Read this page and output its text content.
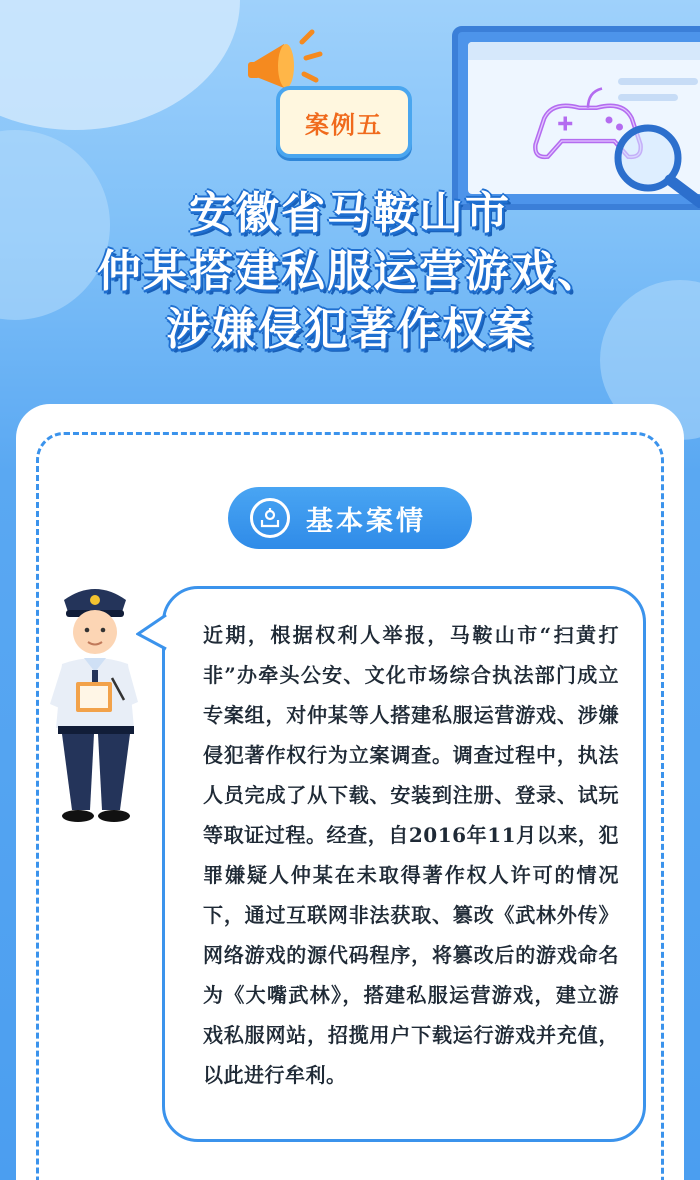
案例五
安徽省马鞍山市
仲某搭建私服运营游戏、
涉嫌侵犯著作权案
基本案情

近期，根据权利人举报，马鞍山市“扫黄打非”办牵头公安、文化市场综合执法部门成立专案组，对仲某等人搭建私服运营游戏、涉嫌侵犯著作权行为立案调查。调查过程中，执法人员完成了从下载、安装到注册、登录、试玩等取证过程。经查，自2016年11月以来，犯罪嫌疑人仲某在未取得著作权人许可的情况下，通过互联网非法获取、篡改《武林外传》网络游戏的源代码程序，将篡改后的游戏命名为《大嘴武林》，搭建私服运营游戏，建立游戏私服网站，招揽用户下载运行游戏并充值，以此进行牟利。
